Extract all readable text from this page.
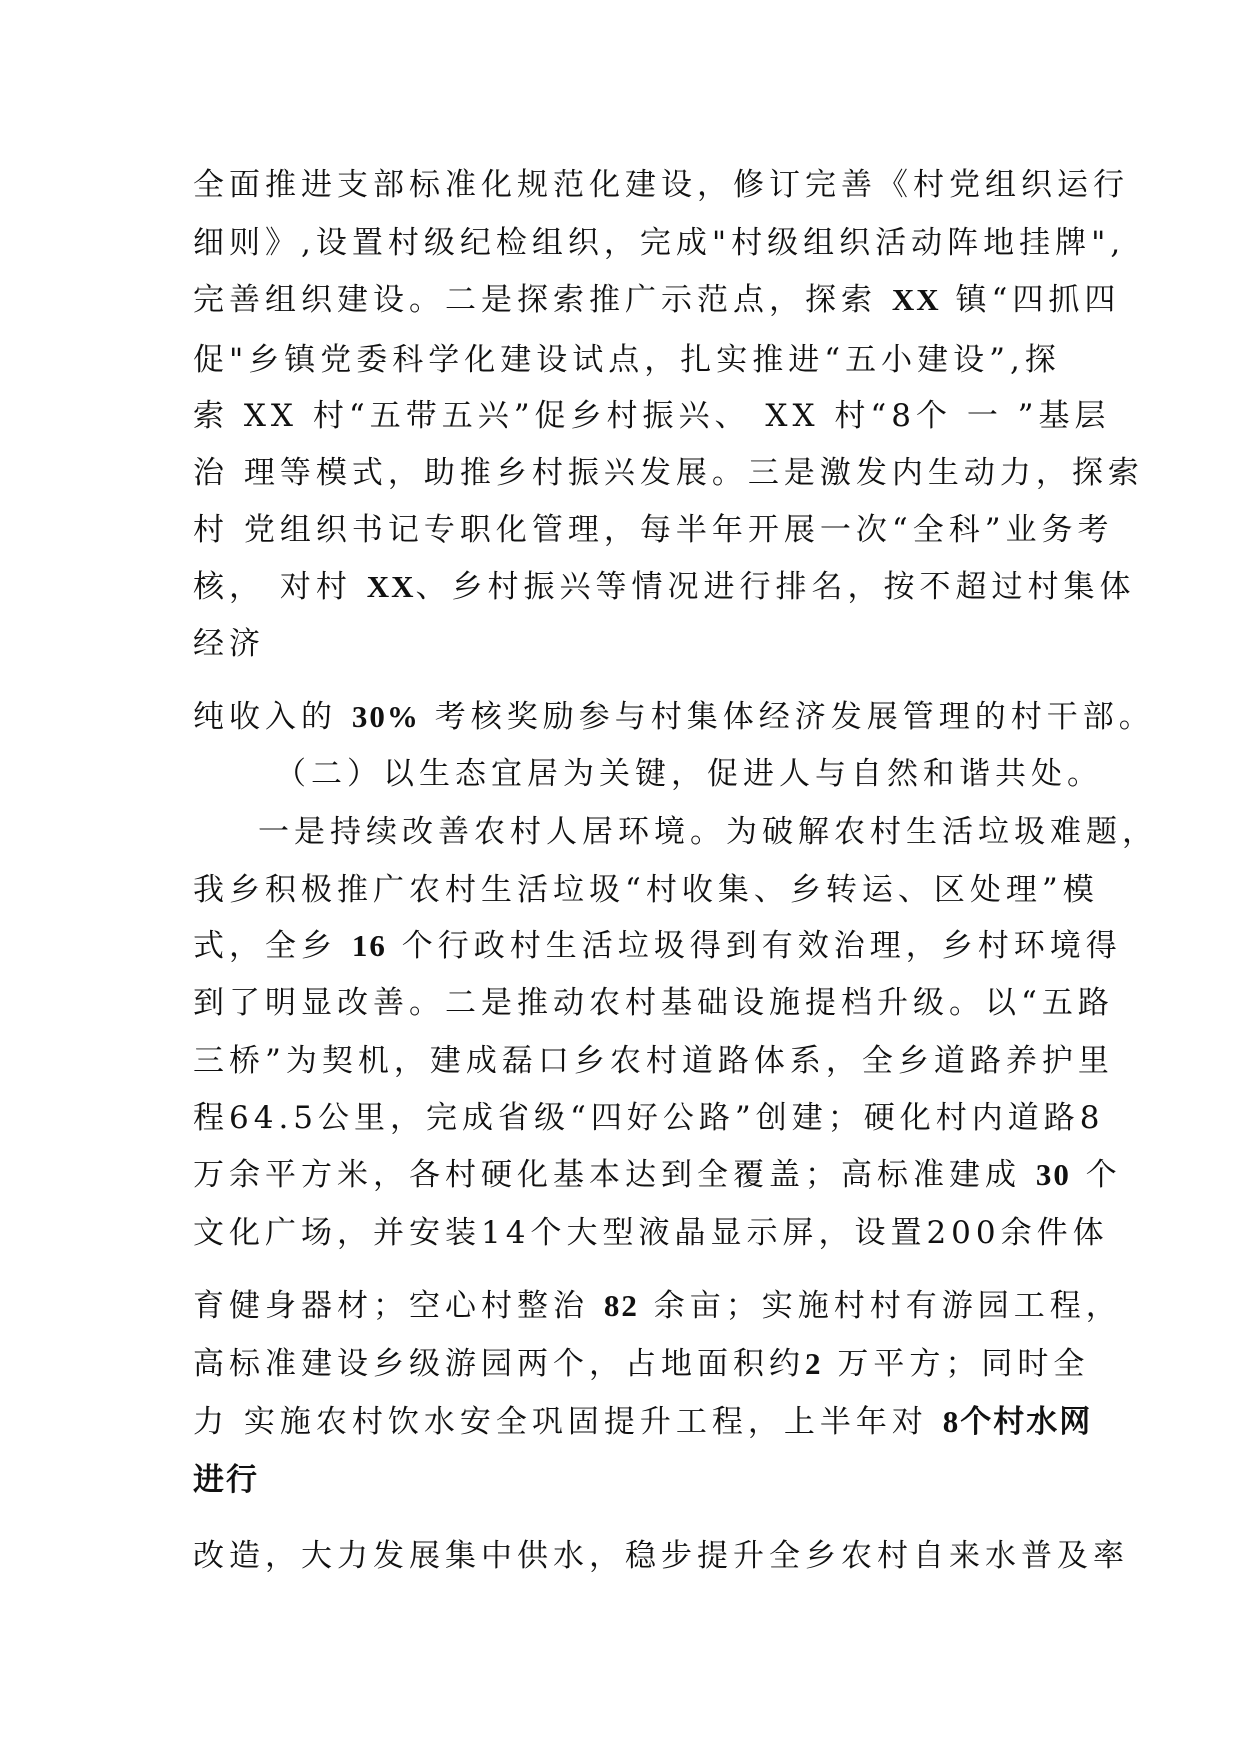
全面推进支部标准化规范化建设，修订完善《村党组织运行
细则》,设置村级纪检组织，完成"村级组织活动阵地挂牌",
完善组织建设。二是探索推广示范点，探索 XX 镇“四抓四
促"乡镇党委科学化建设试点，扎实推进“五小建设”,探
索 XX 村“五带五兴”促乡村振兴、 XX 村“8个 一 ”基层
治 理等模式，助推乡村振兴发展。三是激发内生动力，探索
村 党组织书记专职化管理，每半年开展一次“全科”业务考
核， 对村 XX、乡村振兴等情况进行排名，按不超过村集体
经济
纯收入的 30% 考核奖励参与村集体经济发展管理的村干部。
（二）以生态宜居为关键，促进人与自然和谐共处。
一是持续改善农村人居环境。为破解农村生活垃圾难题，
我乡积极推广农村生活垃圾“村收集、乡转运、区处理”模
式，全乡 16 个行政村生活垃圾得到有效治理，乡村环境得
到了明显改善。二是推动农村基础设施提档升级。以“五路
三桥”为契机，建成磊口乡农村道路体系，全乡道路养护里
程64.5公里，完成省级“四好公路”创建；硬化村内道路8
万余平方米，各村硬化基本达到全覆盖；高标准建成 30 个
文化广场，并安装14个大型液晶显示屏，设置200余件体
育健身器材；空心村整治 82 余亩；实施村村有游园工程，
高标准建设乡级游园两个，占地面积约2 万平方；同时全
力 实施农村饮水安全巩固提升工程，上半年对 8个村水网
进行
改造，大力发展集中供水，稳步提升全乡农村自来水普及率
